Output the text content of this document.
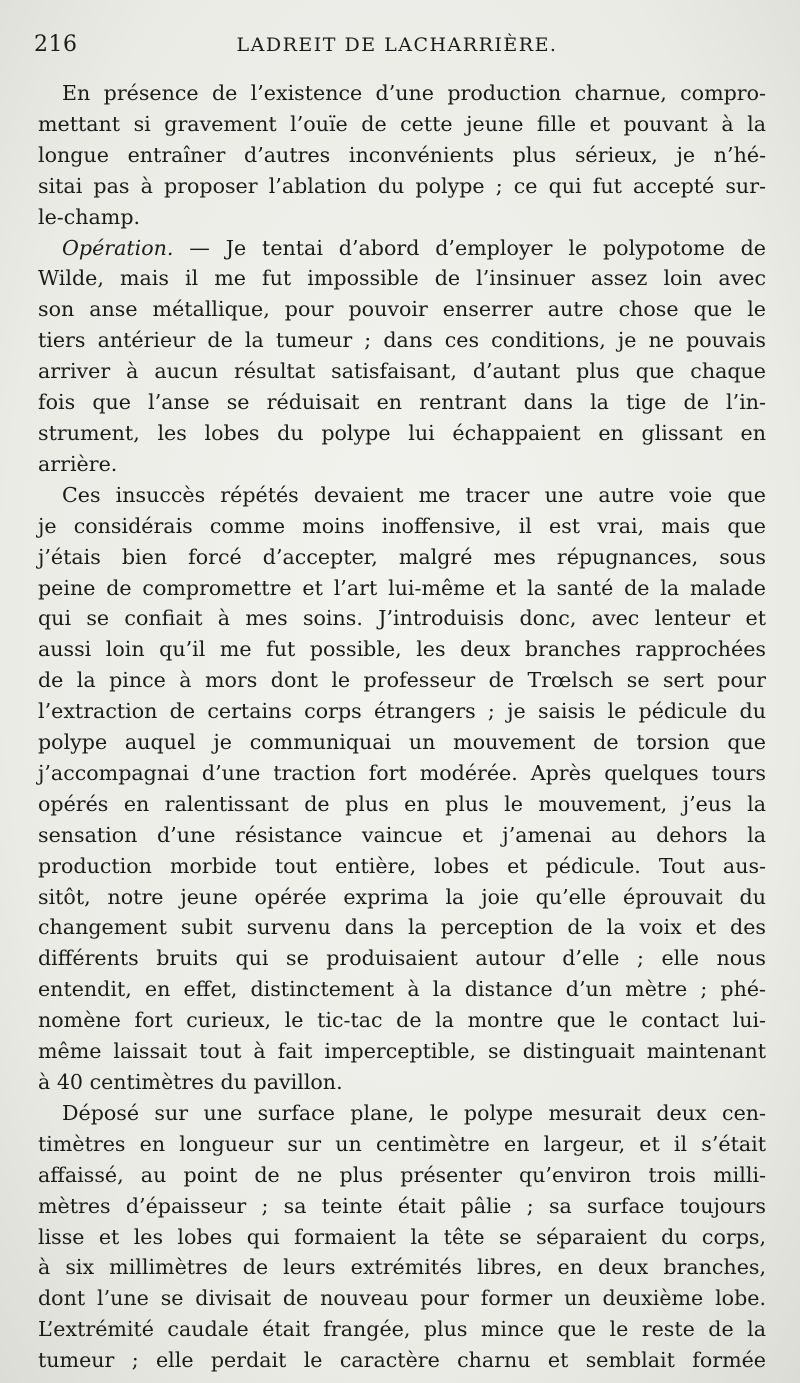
216	LADREIT DE LACHARRIÈRE.
En présence de l’existence d’une production charnue, compro-
mettant si gravement l’ouïe de cette jeune fille et pouvant à la
longue entraîner d’autres inconvénients plus sérieux, je n’hé-
sitai pas à proposer l’ablation du polype ; ce qui fut accepté sur-
le-champ.
Opération. — Je tentai d’abord d’employer le polypotome de
Wilde, mais il me fut impossible de l’insinuer assez loin avec
son anse métallique, pour pouvoir enserrer autre chose que le
tiers antérieur de la tumeur ; dans ces conditions, je ne pouvais
arriver à aucun résultat satisfaisant, d’autant plus que chaque
fois que l’anse se réduisait en rentrant dans la tige de l’in-
strument, les lobes du polype lui échappaient en glissant en
arrière.
Ces insuccès répétés devaient me tracer une autre voie que
je considérais comme moins inoffensive, il est vrai, mais que
j’étais bien forcé d’accepter, malgré mes répugnances, sous
peine de compromettre et l’art lui-même et la santé de la malade
qui se confiait à mes soins. J’introduisis donc, avec lenteur et
aussi loin qu’il me fut possible, les deux branches rapprochées
de la pince à mors dont le professeur de Trœlsch se sert pour
l’extraction de certains corps étrangers ; je saisis le pédicule du
polype auquel je communiquai un mouvement de torsion que
j’accompagnai d’une traction fort modérée. Après quelques tours
opérés en ralentissant de plus en plus le mouvement, j’eus la
sensation d’une résistance vaincue et j’amenai au dehors la
production morbide tout entière, lobes et pédicule. Tout aus-
sitôt, notre jeune opérée exprima la joie qu’elle éprouvait du
changement subit survenu dans la perception de la voix et des
différents bruits qui se produisaient autour d’elle ; elle nous
entendit, en effet, distinctement à la distance d’un mètre ; phé-
nomène fort curieux, le tic-tac de la montre que le contact lui-
même laissait tout à fait imperceptible, se distinguait maintenant
à 40 centimètres du pavillon.
Déposé sur une surface plane, le polype mesurait deux cen-
timètres en longueur sur un centimètre en largeur, et il s’était
affaissé, au point de ne plus présenter qu’environ trois milli-
mètres d’épaisseur ; sa teinte était pâlie ; sa surface toujours
lisse et les lobes qui formaient la tête se séparaient du corps,
à six millimètres de leurs extrémités libres, en deux branches,
dont l’une se divisait de nouveau pour former un deuxième lobe.
L’extrémité caudale était frangée, plus mince que le reste de la
tumeur ; elle perdait le caractère charnu et semblait formée
